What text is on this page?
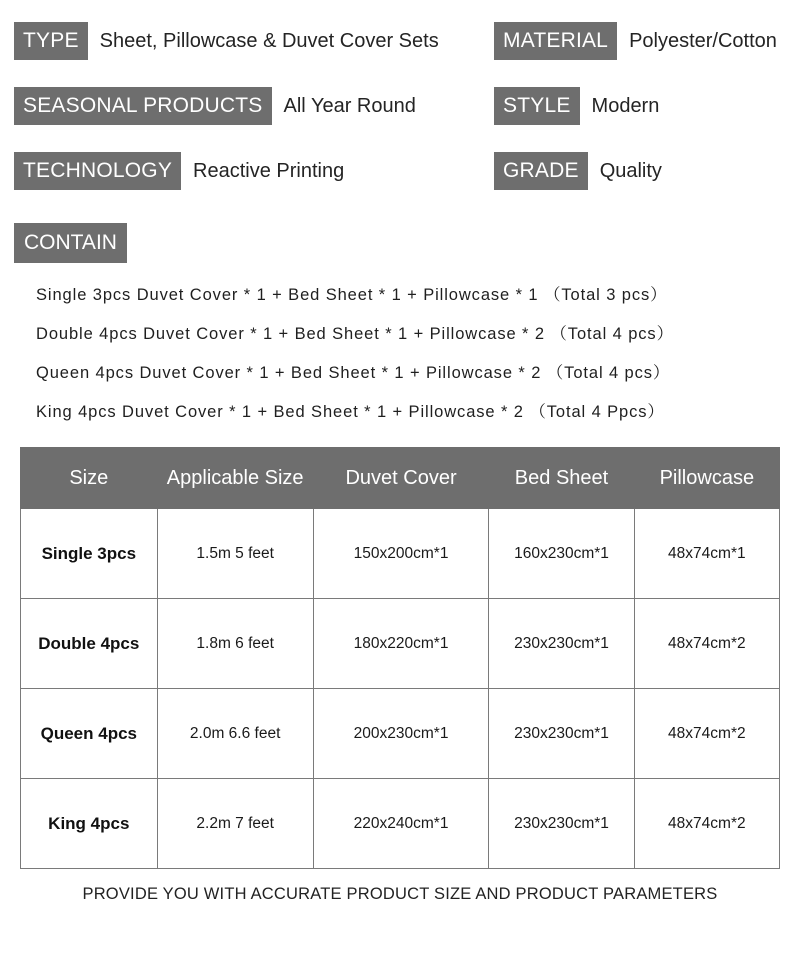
TYPE	Sheet, Pillowcase & Duvet Cover Sets	MATERIAL	Polyester/Cotton
SEASONAL PRODUCTS	All Year Round	STYLE	Modern
TECHNOLOGY	Reactive Printing	GRADE	Quality
CONTAIN
Single 3pcs Duvet Cover * 1 + Bed Sheet * 1 + Pillowcase * 1 （Total 3 pcs）
Double 4pcs Duvet Cover * 1 + Bed Sheet * 1 + Pillowcase * 2 （Total 4 pcs）
Queen 4pcs Duvet Cover * 1 + Bed Sheet * 1 + Pillowcase * 2 （Total 4 pcs）
King 4pcs Duvet Cover * 1 + Bed Sheet * 1 + Pillowcase * 2 （Total 4 Ppcs）
Size	Applicable Size	Duvet Cover	Bed Sheet	Pillowcase
Single 3pcs	1.5m 5 feet	150x200cm*1	160x230cm*1	48x74cm*1
Double 4pcs	1.8m 6 feet	180x220cm*1	230x230cm*1	48x74cm*2
Queen 4pcs	2.0m 6.6 feet	200x230cm*1	230x230cm*1	48x74cm*2
King 4pcs	2.2m 7 feet	220x240cm*1	230x230cm*1	48x74cm*2
PROVIDE YOU WITH ACCURATE PRODUCT SIZE AND PRODUCT PARAMETERS
